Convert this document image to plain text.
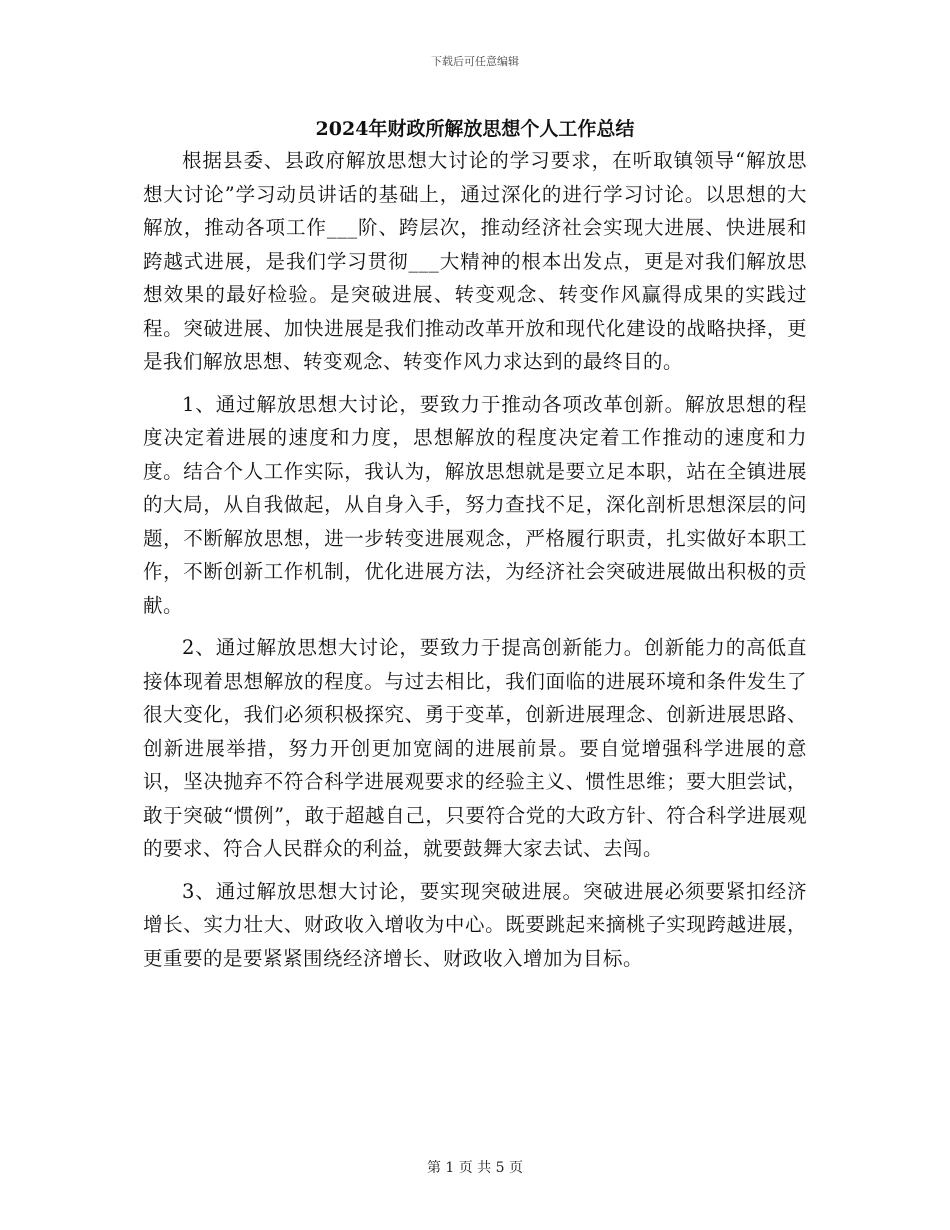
下载后可任意编辑
2024年财政所解放思想个人工作总结

根据县委、县政府解放思想大讨论的学习要求，在听取镇领导“解放思想大讨论”学习动员讲话的基础上，通过深化的进行学习讨论。以思想的大解放，推动各项工作___阶、跨层次，推动经济社会实现大进展、快进展和跨越式进展，是我们学习贯彻___大精神的根本出发点，更是对我们解放思想效果的最好检验。是突破进展、转变观念、转变作风赢得成果的实践过程。突破进展、加快进展是我们推动改革开放和现代化建设的战略抉择，更是我们解放思想、转变观念、转变作风力求达到的最终目的。

1、通过解放思想大讨论，要致力于推动各项改革创新。解放思想的程度决定着进展的速度和力度，思想解放的程度决定着工作推动的速度和力度。结合个人工作实际，我认为，解放思想就是要立足本职，站在全镇进展的大局，从自我做起，从自身入手，努力查找不足，深化剖析思想深层的问题，不断解放思想，进一步转变进展观念，严格履行职责，扎实做好本职工作，不断创新工作机制，优化进展方法，为经济社会突破进展做出积极的贡献。

2、通过解放思想大讨论，要致力于提高创新能力。创新能力的高低直接体现着思想解放的程度。与过去相比，我们面临的进展环境和条件发生了很大变化，我们必须积极探究、勇于变革，创新进展理念、创新进展思路、创新进展举措，努力开创更加宽阔的进展前景。要自觉增强科学进展的意识，坚决抛弃不符合科学进展观要求的经验主义、惯性思维；要大胆尝试，敢于突破“惯例”，敢于超越自己，只要符合党的大政方针、符合科学进展观的要求、符合人民群众的利益，就要鼓舞大家去试、去闯。

3、通过解放思想大讨论，要实现突破进展。突破进展必须要紧扣经济增长、实力壮大、财政收入增收为中心。既要跳起来摘桃子实现跨越进展，更重要的是要紧紧围绕经济增长、财政收入增加为目标。

第 1 页 共 5 页
